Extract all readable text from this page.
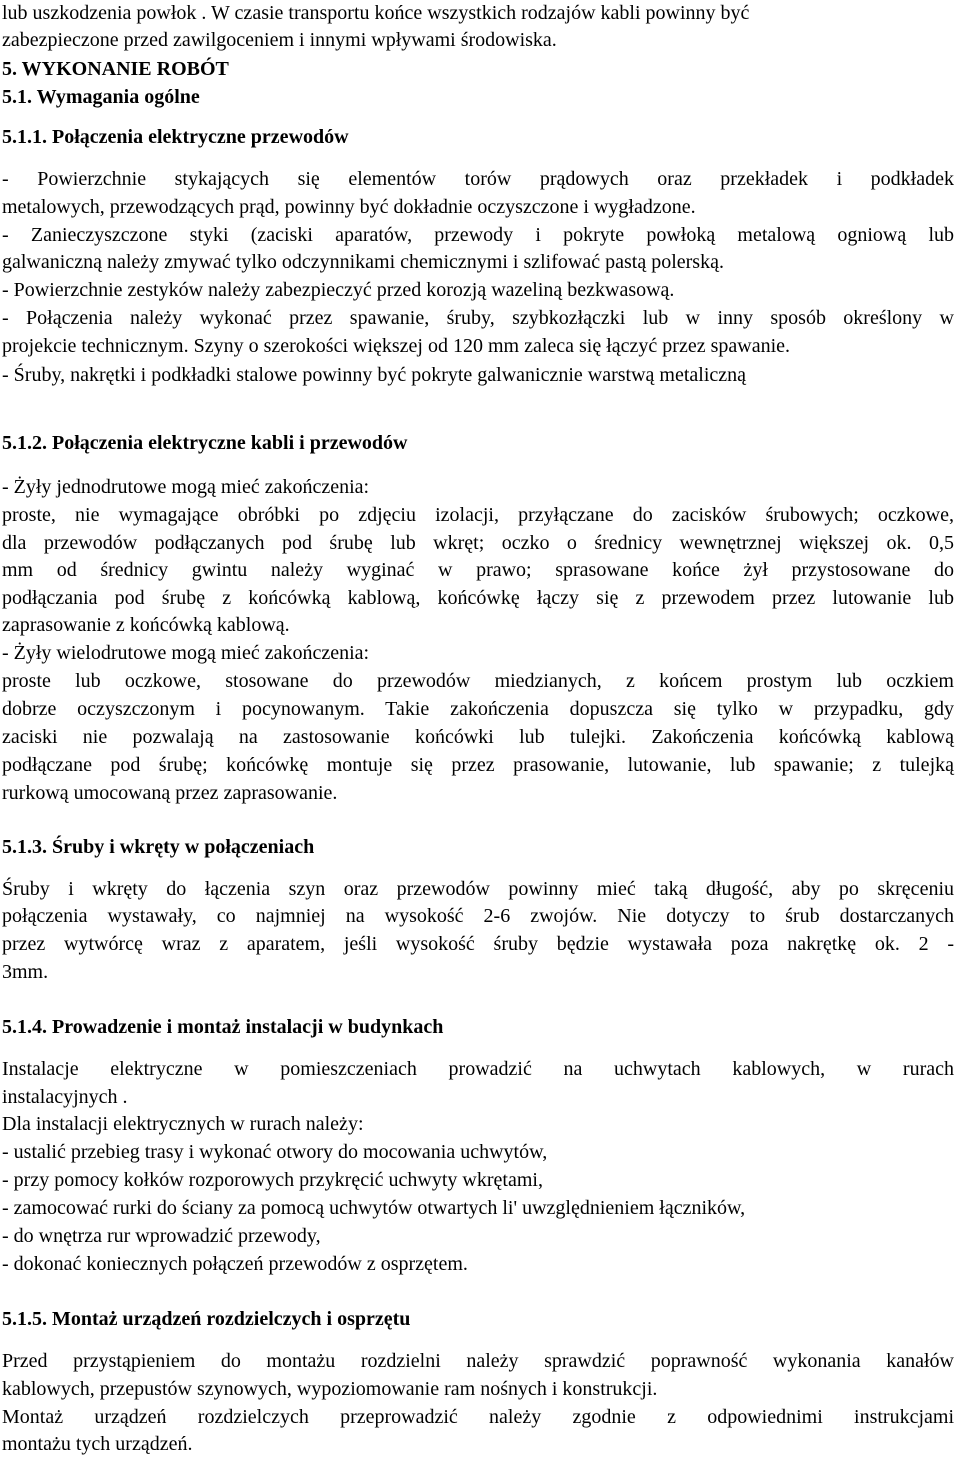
lub uszkodzenia powłok . W czasie transportu końce wszystkich rodzajów kabli powinny być
zabezpieczone przed zawilgoceniem i innymi wpływami środowiska.
5. WYKONANIE ROBÓT
5.1. Wymagania ogólne
5.1.1. Połączenia elektryczne przewodów
- Powierzchnie stykających się elementów torów prądowych oraz przekładek i podkładek
metalowych, przewodzących prąd, powinny być dokładnie oczyszczone i wygładzone.
- Zanieczyszczone styki (zaciski aparatów, przewody i pokryte powłoką metalową ogniową lub
galwaniczną należy zmywać tylko odczynnikami chemicznymi i szlifować pastą polerską.
- Powierzchnie zestyków należy zabezpieczyć przed korozją wazeliną bezkwasową.
- Połączenia należy wykonać przez spawanie, śruby, szybkozłączki lub w inny sposób określony w
projekcie technicznym. Szyny o szerokości większej od 120 mm zaleca się łączyć przez spawanie.
- Śruby, nakrętki i podkładki stalowe powinny być pokryte galwanicznie warstwą metaliczną
5.1.2. Połączenia elektryczne kabli i przewodów
- Żyły jednodrutowe mogą mieć zakończenia:
proste, nie wymagające obróbki po zdjęciu izolacji, przyłączane do zacisków śrubowych; oczkowe,
dla przewodów podłączanych pod śrubę lub wkręt; oczko o średnicy wewnętrznej większej ok. 0,5
mm od średnicy gwintu należy wyginać w prawo; sprasowane końce żył przystosowane do
podłączania pod śrubę z końcówką kablową, końcówkę łączy się z przewodem przez lutowanie lub
zaprasowanie z końcówką kablową.
- Żyły wielodrutowe mogą mieć zakończenia:
proste lub oczkowe, stosowane do przewodów miedzianych, z końcem prostym lub oczkiem
dobrze oczyszczonym i pocynowanym. Takie zakończenia dopuszcza się tylko w przypadku, gdy
zaciski nie pozwalają na zastosowanie końcówki lub tulejki. Zakończenia końcówką kablową
podłączane pod śrubę; końcówkę montuje się przez prasowanie, lutowanie, lub spawanie; z tulejką
rurkową umocowaną przez zaprasowanie.
5.1.3. Śruby i wkręty w połączeniach
Śruby i wkręty do łączenia szyn oraz przewodów powinny mieć taką długość, aby po skręceniu
połączenia wystawały, co najmniej na wysokość 2-6 zwojów. Nie dotyczy to śrub dostarczanych
przez wytwórcę wraz z aparatem, jeśli wysokość śruby będzie wystawała poza nakrętkę ok. 2 -
3mm.
5.1.4. Prowadzenie i montaż instalacji w budynkach
Instalacje elektryczne w pomieszczeniach prowadzić na uchwytach kablowych, w rurach
instalacyjnych .
Dla instalacji elektrycznych w rurach należy:
- ustalić przebieg trasy i wykonać otwory do mocowania uchwytów,
- przy pomocy kołków rozporowych przykręcić uchwyty wkrętami,
- zamocować rurki do ściany za pomocą uchwytów otwartych li' uwzględnieniem łączników,
- do wnętrza rur wprowadzić przewody,
- dokonać koniecznych połączeń przewodów z osprzętem.
5.1.5. Montaż urządzeń rozdzielczych i osprzętu
Przed przystąpieniem do montażu rozdzielni należy sprawdzić poprawność wykonania kanałów
kablowych, przepustów szynowych, wypoziomowanie ram nośnych i konstrukcji.
Montaż urządzeń rozdzielczych przeprowadzić należy zgodnie z odpowiednimi instrukcjami
montażu tych urządzeń.
